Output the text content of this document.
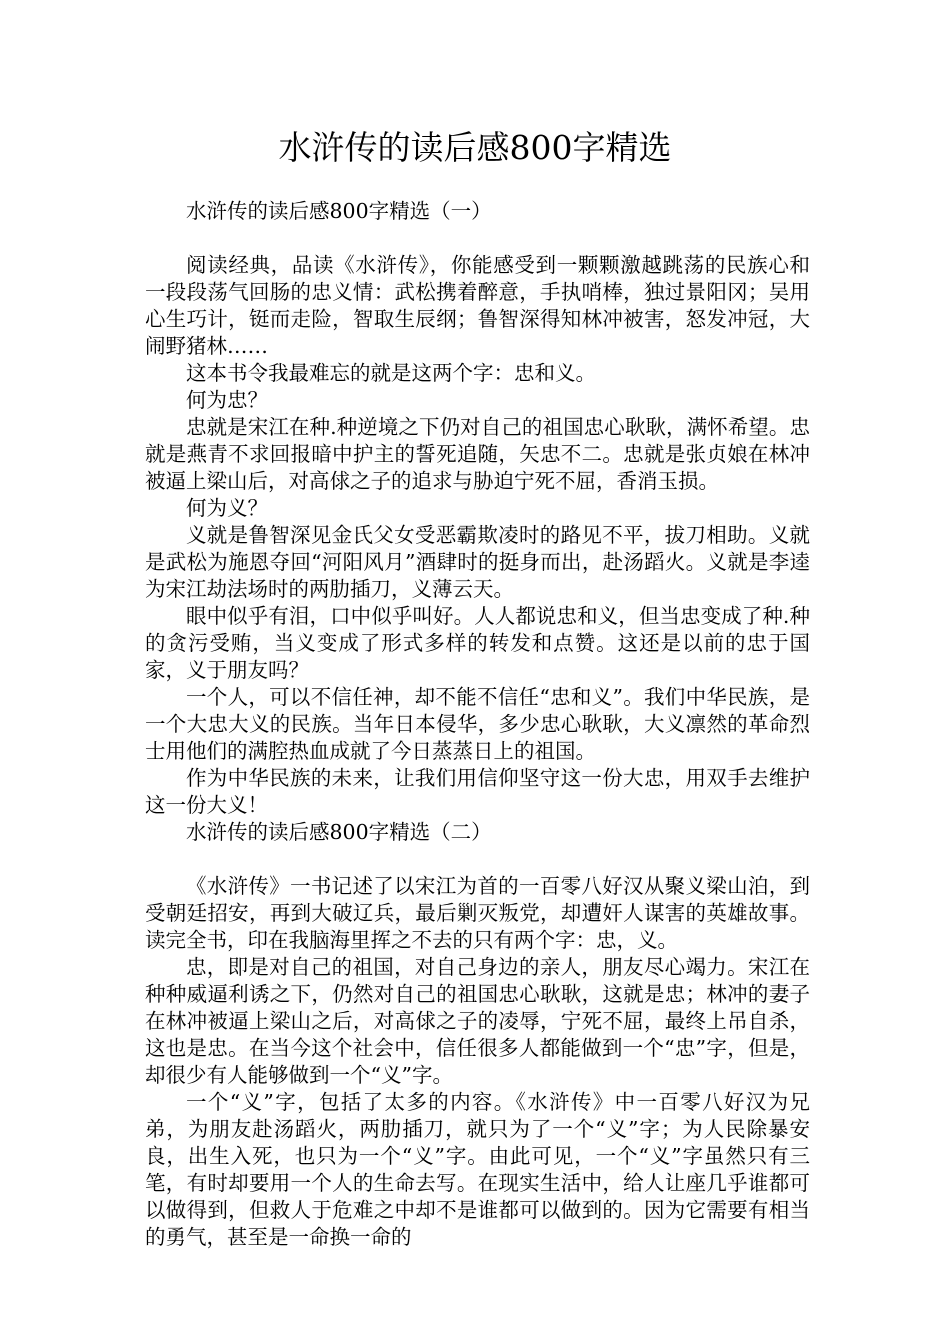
水浒传的读后感800字精选

水浒传的读后感800字精选（一）

阅读经典，品读《水浒传》，你能感受到一颗颗激越跳荡的民族心和一段段荡气回肠的忠义情：武松携着醉意，手执哨棒，独过景阳冈；吴用心生巧计，铤而走险，智取生辰纲；鲁智深得知林冲被害，怒发冲冠，大闹野猪林……

这本书令我最难忘的就是这两个字：忠和义。

何为忠？

忠就是宋江在种.种逆境之下仍对自己的祖国忠心耿耿，满怀希望。忠就是燕青不求回报暗中护主的誓死追随，矢忠不二。忠就是张贞娘在林冲被逼上梁山后，对高俅之子的追求与胁迫宁死不屈，香消玉损。

何为义？

义就是鲁智深见金氏父女受恶霸欺凌时的路见不平，拔刀相助。义就是武松为施恩夺回“河阳风月”酒肆时的挺身而出，赴汤蹈火。义就是李逵为宋江劫法场时的两肋插刀，义薄云天。

眼中似乎有泪，口中似乎叫好。人人都说忠和义，但当忠变成了种.种的贪污受贿，当义变成了形式多样的转发和点赞。这还是以前的忠于国家，义于朋友吗？

一个人，可以不信任神，却不能不信任“忠和义”。我们中华民族，是一个大忠大义的民族。当年日本侵华，多少忠心耿耿，大义凛然的革命烈士用他们的满腔热血成就了今日蒸蒸日上的祖国。

作为中华民族的未来，让我们用信仰坚守这一份大忠，用双手去维护这一份大义！

水浒传的读后感800字精选（二）

《水浒传》一书记述了以宋江为首的一百零八好汉从聚义梁山泊，到受朝廷招安，再到大破辽兵，最后剿灭叛党，却遭奸人谋害的英雄故事。读完全书，印在我脑海里挥之不去的只有两个字：忠，义。

忠，即是对自己的祖国，对自己身边的亲人，朋友尽心竭力。宋江在种种威逼利诱之下，仍然对自己的祖国忠心耿耿，这就是忠；林冲的妻子在林冲被逼上梁山之后，对高俅之子的凌辱，宁死不屈，最终上吊自杀，这也是忠。在当今这个社会中，信任很多人都能做到一个“忠”字，但是，却很少有人能够做到一个“义”字。

一个“义”字，包括了太多的内容。《水浒传》中一百零八好汉为兄弟，为朋友赴汤蹈火，两肋插刀，就只为了一个“义”字；为人民除暴安良，出生入死，也只为一个“义”字。由此可见，一个“义”字虽然只有三笔，有时却要用一个人的生命去写。在现实生活中，给人让座几乎谁都可以做得到，但救人于危难之中却不是谁都可以做到的。因为它需要有相当的勇气，甚至是一命换一命的
